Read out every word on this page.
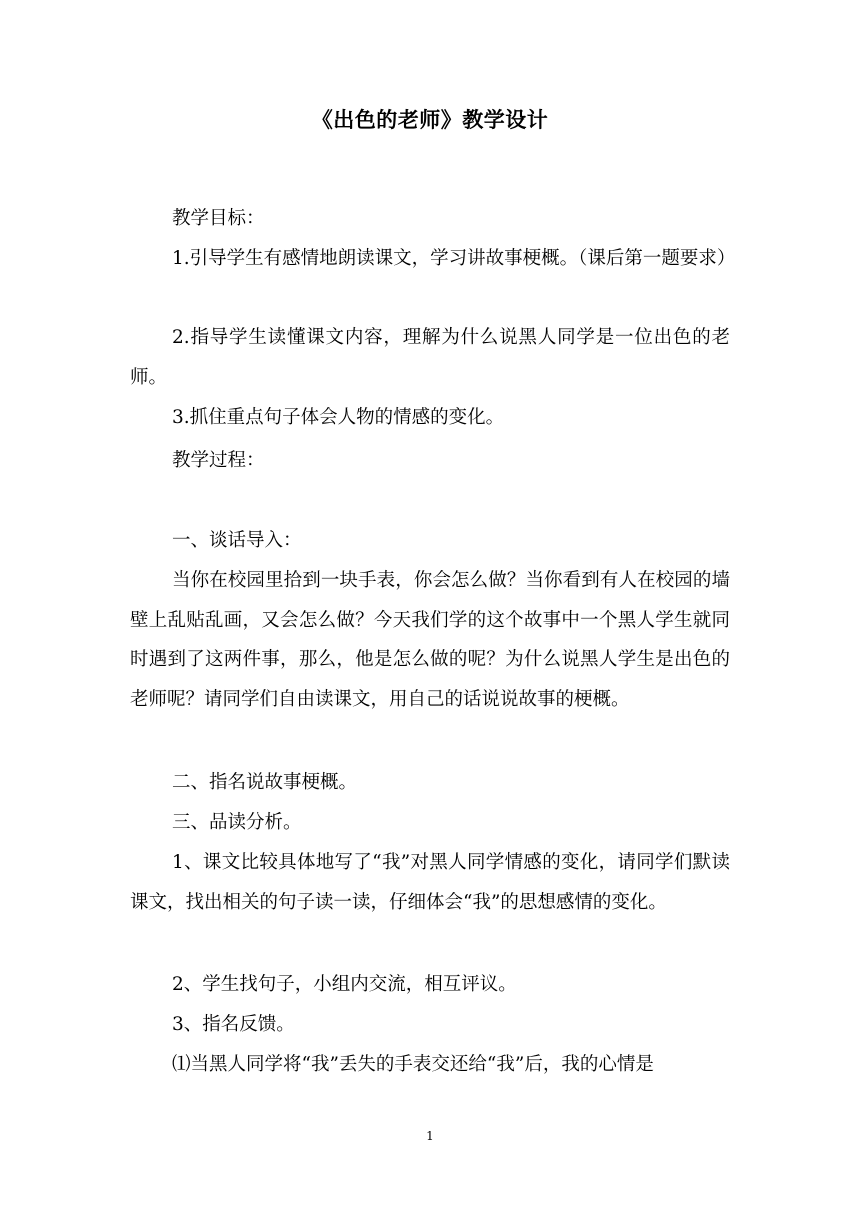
《出色的老师》教学设计

教学目标：

1.引导学生有感情地朗读课文，学习讲故事梗概。（课后第一题要求）

2.指导学生读懂课文内容，理解为什么说黑人同学是一位出色的老师。

3.抓住重点句子体会人物的情感的变化。

教学过程：

一、谈话导入：

当你在校园里拾到一块手表，你会怎么做？当你看到有人在校园的墙壁上乱贴乱画，又会怎么做？今天我们学的这个故事中一个黑人学生就同时遇到了这两件事，那么，他是怎么做的呢？为什么说黑人学生是出色的老师呢？请同学们自由读课文，用自己的话说说故事的梗概。

二、指名说故事梗概。

三、品读分析。

1、课文比较具体地写了“我”对黑人同学情感的变化，请同学们默读课文，找出相关的句子读一读，仔细体会“我”的思想感情的变化。

2、学生找句子，小组内交流，相互评议。

3、指名反馈。

⑴当黑人同学将“我”丢失的手表交还给“我”后，我的心情是

1
